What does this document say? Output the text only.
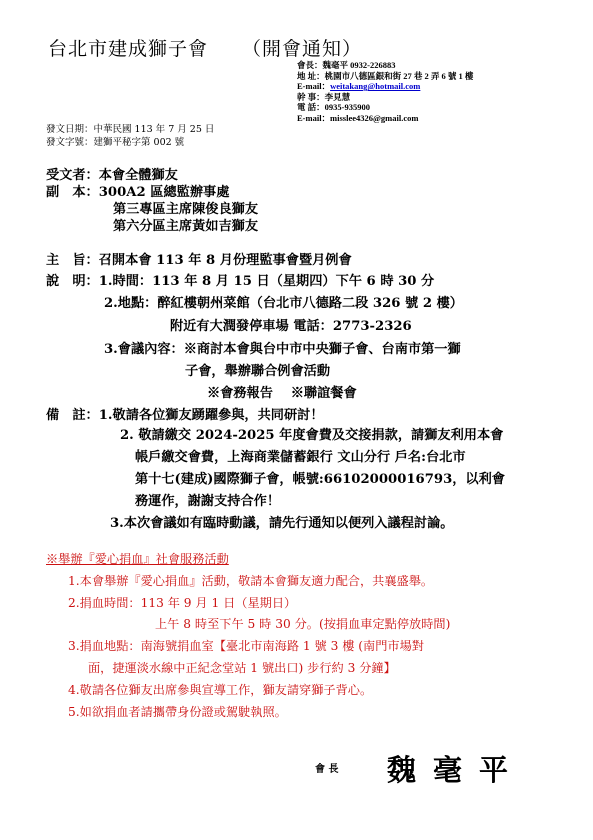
台北市建成獅子會 （開會通知）
會長：魏毫平 0932-226883
地 址：桃園市八德區銀和街 27 巷 2 弄 6 號 1 樓
E-mail：weitakang@hotmail.com
幹 事：李見慧
電 話：0935-935900
E-mail：misslee4326@gmail.com
發文日期：中華民國 113 年 7 月 25 日
發文字號：建獅平秘字第 002 號
受文者：本會全體獅友
副　本：300A2 區總監辦事處
第三專區主席陳俊良獅友
第六分區主席黃如吉獅友
主　旨：召開本會 113 年 8 月份理監事會暨月例會
說　明：1.時間：113 年 8 月 15 日（星期四）下午 6 時 30 分
2.地點：醉紅樓朝州菜館（台北市八德路二段 326 號 2 樓）
附近有大潤發停車場 電話：2773-2326
3.會議內容：※商討本會與台中市中央獅子會、台南市第一獅
子會，舉辦聯合例會活動
※會務報告　 ※聯誼餐會
備　註：1.敬請各位獅友踴躍參與，共同研討！
2. 敬請繳交 2024-2025 年度會費及交接捐款，請獅友利用本會
帳戶繳交會費，上海商業儲蓄銀行 文山分行 戶名:台北市
第十七(建成)國際獅子會，帳號:66102000016793，以利會
務運作，謝謝支持合作！
3.本次會議如有臨時動議，請先行通知以便列入議程討論。
※舉辦『愛心捐血』社會服務活動
1.本會舉辦『愛心捐血』活動，敬請本會獅友適力配合，共襄盛舉。
2.捐血時間：113 年 9 月 1 日（星期日）
上午 8 時至下午 5 時 30 分。(按捐血車定點停放時間)
3.捐血地點：南海號捐血室【臺北市南海路 1 號 3 樓 (南門市場對
面，捷運淡水線中正紀念堂站 1 號出口) 步行約 3 分鐘】
4.敬請各位獅友出席參與宣導工作，獅友請穿獅子背心。
5.如欲捐血者請攜帶身份證或駕駛執照。
會 長 魏毫平
